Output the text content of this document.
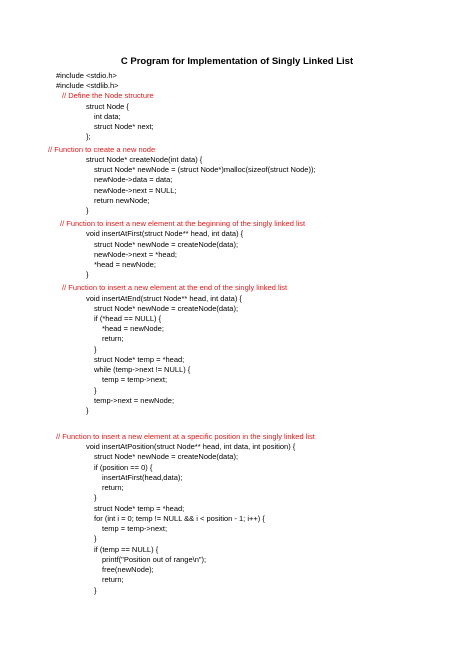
C Program for Implementation of Singly Linked List
#include <stdio.h>
#include <stdlib.h>
// Define the Node structure
struct Node {
int data;
struct Node* next;
};
// Function to create a new node
struct Node* createNode(int data) {
struct Node* newNode = (struct Node*)malloc(sizeof(struct Node));
newNode->data = data;
newNode->next = NULL;
return newNode;
}
// Function to insert a new element at the beginning of the singly linked list
void insertAtFirst(struct Node** head, int data) {
struct Node* newNode = createNode(data);
newNode->next = *head;
*head = newNode;
}
// Function to insert a new element at the end of the singly linked list
void insertAtEnd(struct Node** head, int data) {
struct Node* newNode = createNode(data);
if (*head == NULL) {
*head = newNode;
return;
}
struct Node* temp = *head;
while (temp->next != NULL) {
temp = temp->next;
}
temp->next = newNode;
}
// Function to insert a new element at a specific position in the singly linked list
void insertAtPosition(struct Node** head, int data, int position) {
struct Node* newNode = createNode(data);
if (position == 0) {
insertAtFirst(head,data);
return;
}
struct Node* temp = *head;
for (int i = 0; temp != NULL && i < position - 1; i++) {
temp = temp->next;
}
if (temp == NULL) {
printf("Position out of range\n");
free(newNode);
return;
}
